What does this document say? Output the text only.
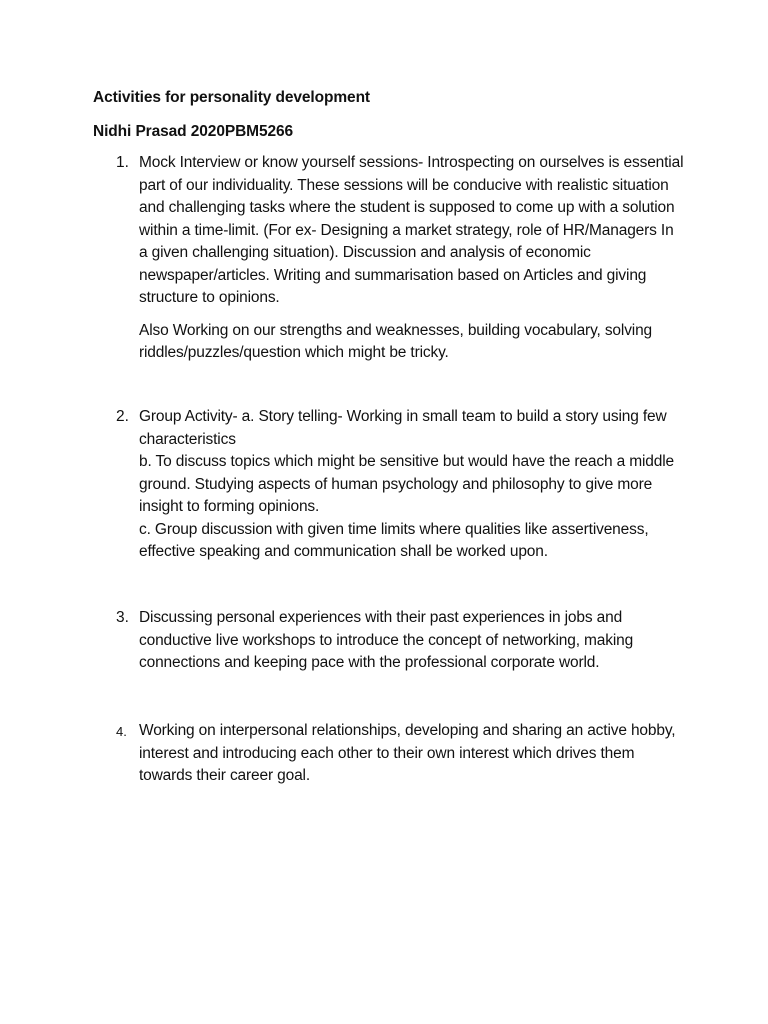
Activities for personality development
Nidhi Prasad 2020PBM5266
1. Mock Interview or know yourself sessions- Introspecting on ourselves is essential part of our individuality. These sessions will be conducive with realistic situation and challenging tasks where the student is supposed to come up with a solution within a time-limit. (For ex- Designing a market strategy, role of HR/Managers In a given challenging situation). Discussion and analysis of economic newspaper/articles. Writing and summarisation based on Articles and giving structure to opinions.

Also Working on our strengths and weaknesses, building vocabulary, solving riddles/puzzles/question which might be tricky.

2. Group Activity- a. Story telling- Working in small team to build a story using few characteristics

b. To discuss topics which might be sensitive but would have the reach a middle ground. Studying aspects of human psychology and philosophy to give more insight to forming opinions.

c. Group discussion with given time limits where qualities like assertiveness, effective speaking and communication shall be worked upon.

3. Discussing personal experiences with their past experiences in jobs and conductive live workshops to introduce the concept of networking, making connections and keeping pace with the professional corporate world.

4. Working on interpersonal relationships, developing and sharing an active hobby, interest and introducing each other to their own interest which drives them towards their career goal.
